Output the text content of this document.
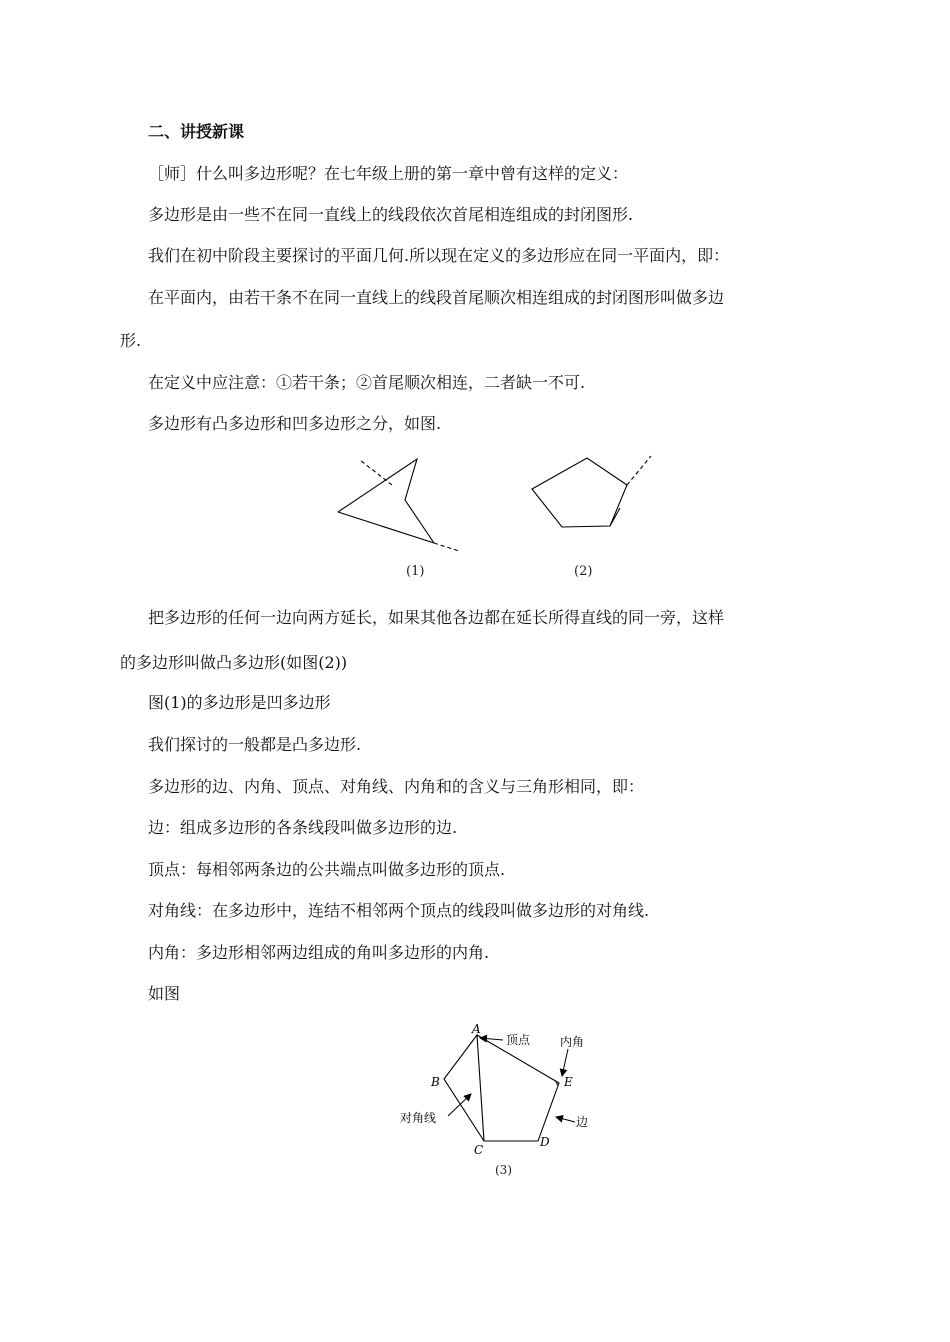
二、讲授新课
［师］什么叫多边形呢？在七年级上册的第一章中曾有这样的定义：
多边形是由一些不在同一直线上的线段依次首尾相连组成的封闭图形.
我们在初中阶段主要探讨的平面几何.所以现在定义的多边形应在同一平面内，即：
在平面内，由若干条不在同一直线上的线段首尾顺次相连组成的封闭图形叫做多边
形.
在定义中应注意：①若干条；②首尾顺次相连，二者缺一不可.
多边形有凸多边形和凹多边形之分，如图.
(1)	(2)
把多边形的任何一边向两方延长，如果其他各边都在延长所得直线的同一旁，这样
的多边形叫做凸多边形(如图(2))
图(1)的多边形是凹多边形
我们探讨的一般都是凸多边形.
多边形的边、内角、顶点、对角线、内角和的含义与三角形相同，即：
边：组成多边形的各条线段叫做多边形的边.
顶点：每相邻两条边的公共端点叫做多边形的顶点.
对角线：在多边形中，连结不相邻两个顶点的线段叫做多边形的对角线.
内角：多边形相邻两边组成的角叫多边形的内角.
如图
A
B
C
D
E
顶点 内角
对角线	边
(3)
